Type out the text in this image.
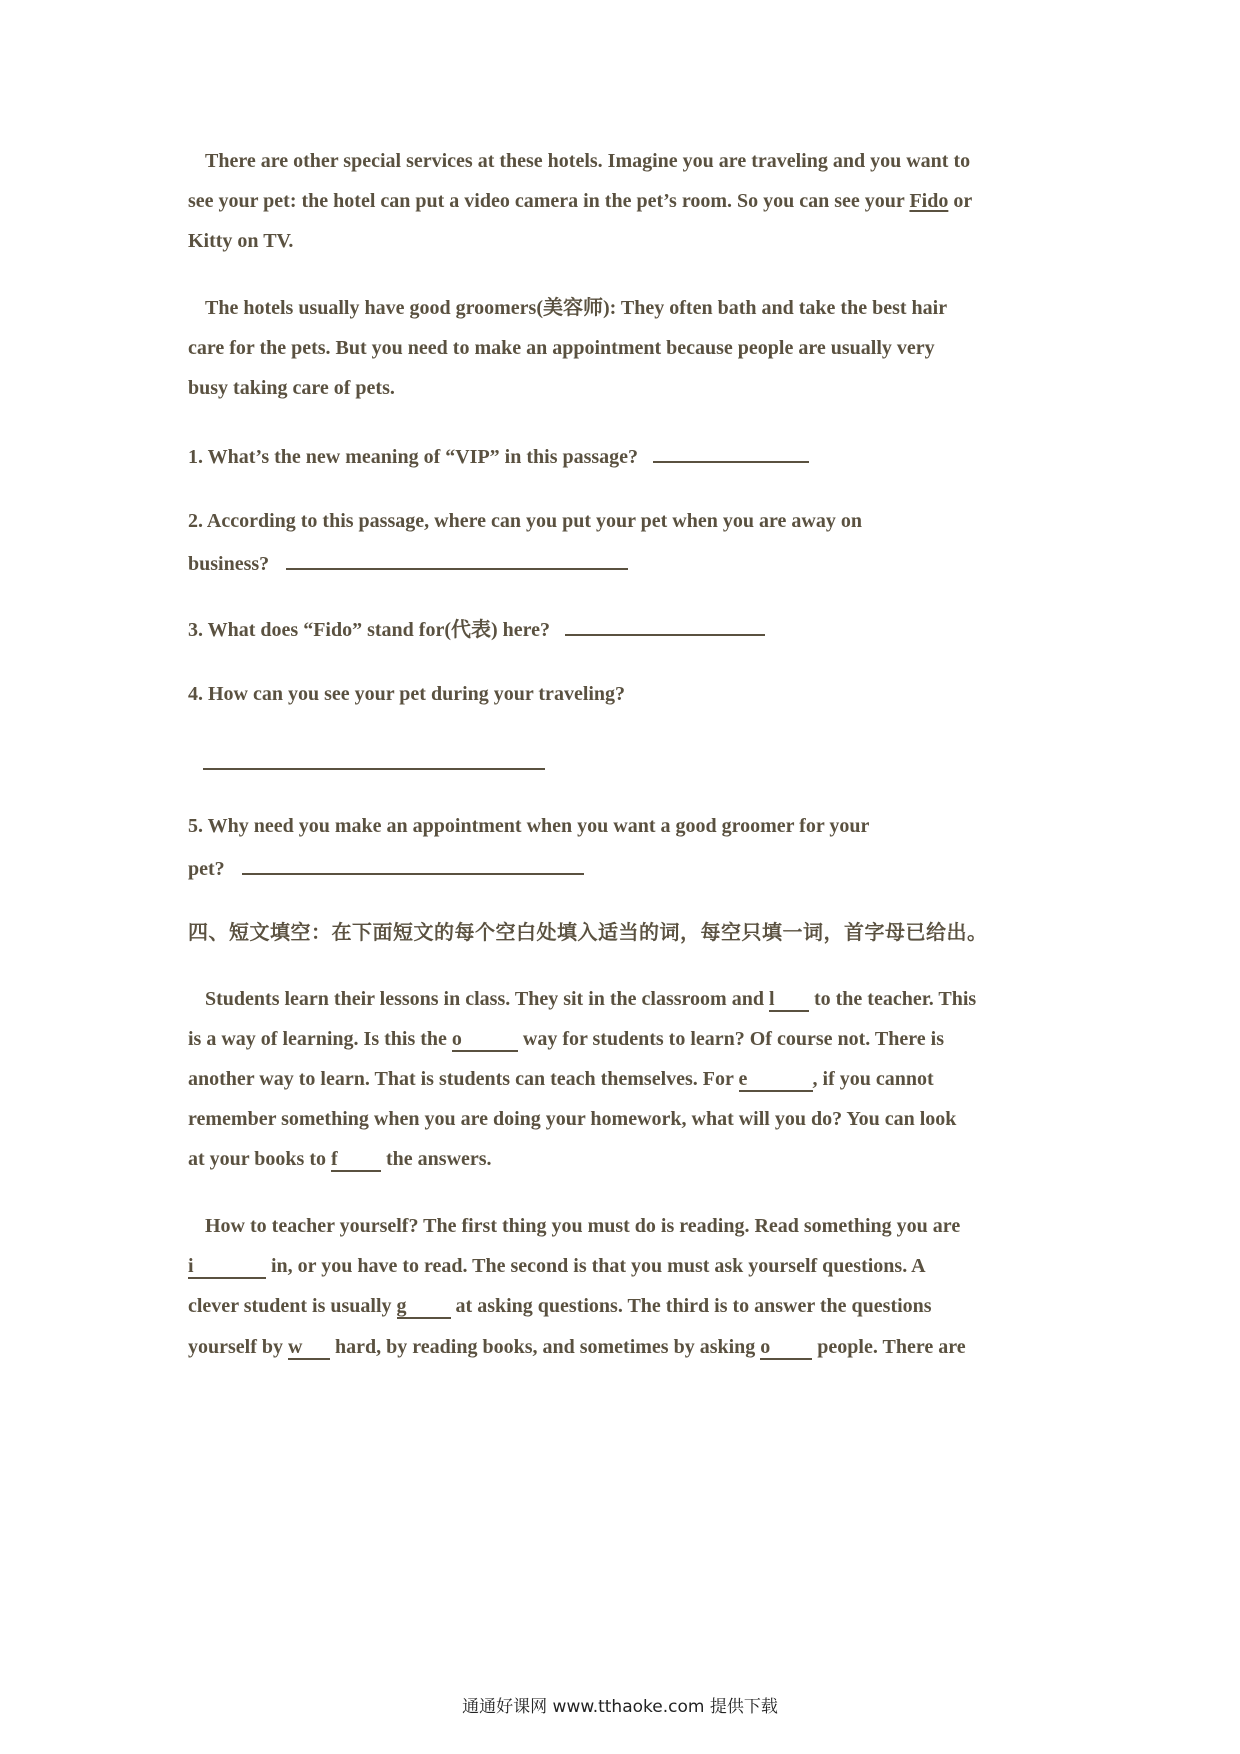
There are other special services at these hotels. Imagine you are traveling and you want to
see your pet: the hotel can put a video camera in the pet’s room. So you can see your Fido or
Kitty on TV.
The hotels usually have good groomers(美容师): They often bath and take the best hair
care for the pets. But you need to make an appointment because people are usually very
busy taking care of pets.
1. What’s the new meaning of “VIP” in this passage?
2. According to this passage, where can you put your pet when you are away on
business?
3. What does “Fido” stand for(代表) here?
4. How can you see your pet during your traveling?
5. Why need you make an appointment when you want a good groomer for your
pet?
四、短文填空：在下面短文的每个空白处填入适当的词，每空只填一词，首字母已给出。
Students learn their lessons in class. They sit in the classroom and l to the teacher. This
is a way of learning. Is this the o	way for students to learn? Of course not. There is
another way to learn. That is students can teach themselves. For e	, if you cannot
remember something when you are doing your homework, what will you do? You can look
at your books to f the answers.
How to teacher yourself? The first thing you must do is reading. Read something you are
i	in, or you have to read. The second is that you must ask yourself questions. A
clever student is usually g at asking questions. The third is to answer the questions
yourself by w hard, by reading books, and sometimes by asking o people. There are
通通好课网 www.tthaoke.com 提供下载
